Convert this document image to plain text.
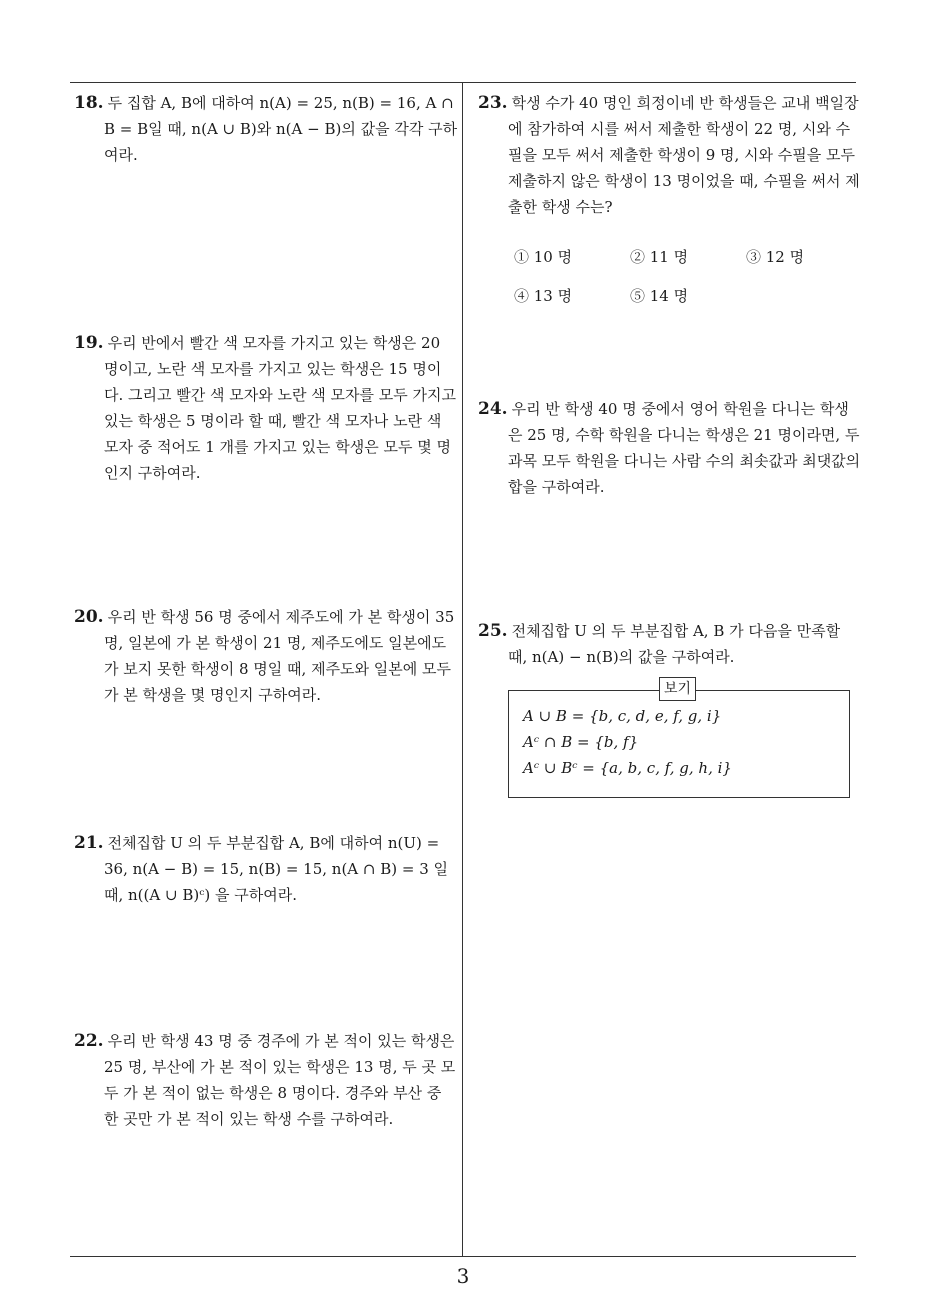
18. 두 집합 A, B에 대하여 n(A) = 25, n(B) = 16, A ∩ B = B일 때, n(A ∪ B)와 n(A − B)의 값을 각각 구하여라.
19. 우리 반에서 빨간 색 모자를 가지고 있는 학생은 20 명이고, 노란 색 모자를 가지고 있는 학생은 15 명이다. 그리고 빨간 색 모자와 노란 색 모자를 모두 가지고 있는 학생은 5 명이라 할 때, 빨간 색 모자나 노란 색 모자 중 적어도 1 개를 가지고 있는 학생은 모두 몇 명인지 구하여라.
20. 우리 반 학생 56 명 중에서 제주도에 가 본 학생이 35 명, 일본에 가 본 학생이 21 명, 제주도에도 일본에도 가 보지 못한 학생이 8 명일 때, 제주도와 일본에 모두 가 본 학생을 몇 명인지 구하여라.
21. 전체집합 U 의 두 부분집합 A, B에 대하여 n(U) = 36, n(A − B) = 15, n(B) = 15, n(A ∩ B) = 3 일 때, n((A ∪ B)ᶜ) 을 구하여라.
22. 우리 반 학생 43 명 중 경주에 가 본 적이 있는 학생은 25 명, 부산에 가 본 적이 있는 학생은 13 명, 두 곳 모두 가 본 적이 없는 학생은 8 명이다. 경주와 부산 중 한 곳만 가 본 적이 있는 학생 수를 구하여라.
23. 학생 수가 40 명인 희정이네 반 학생들은 교내 백일장에 참가하여 시를 써서 제출한 학생이 22 명, 시와 수필을 모두 써서 제출한 학생이 9 명, 시와 수필을 모두 제출하지 않은 학생이 13 명이었을 때, 수필을 써서 제출한 학생 수는?
① 10 명	② 11 명	③ 12 명
④ 13 명	⑤ 14 명
24. 우리 반 학생 40 명 중에서 영어 학원을 다니는 학생은 25 명, 수학 학원을 다니는 학생은 21 명이라면, 두 과목 모두 학원을 다니는 사람 수의 최솟값과 최댓값의 합을 구하여라.
25. 전체집합 U 의 두 부분집합 A, B 가 다음을 만족할 때, n(A) − n(B)의 값을 구하여라.
보기
A ∪ B = {b, c, d, e, f, g, i}
Aᶜ ∩ B = {b, f}
Aᶜ ∪ Bᶜ = {a, b, c, f, g, h, i}
3
